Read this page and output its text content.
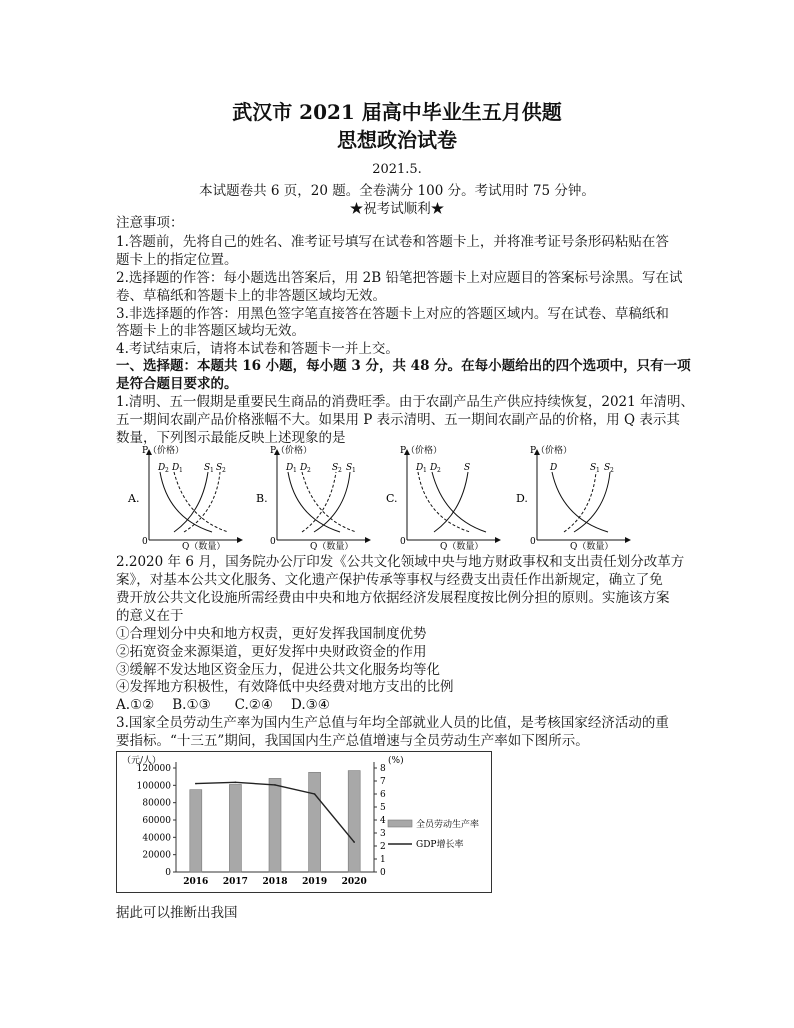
武汉市 2021 届高中毕业生五月供题
思想政治试卷
2021.5.
本试题卷共 6 页，20 题。全卷满分 100 分。考试用时 75 分钟。
★祝考试顺利★
注意事项：
1.答题前，先将自己的姓名、准考证号填写在试卷和答题卡上，并将准考证号条形码粘贴在答
题卡上的指定位置。
2.选择题的作答：每小题选出答案后，用 2B 铅笔把答题卡上对应题目的答案标号涂黑。写在试
卷、草稿纸和答题卡上的非答题区域均无效。
3.非选择题的作答：用黑色签字笔直接答在答题卡上对应的答题区域内。写在试卷、草稿纸和
答题卡上的非答题区域均无效。
4.考试结束后，请将本试卷和答题卡一并上交。
一、选择题：本题共 16 小题，每小题 3 分，共 48 分。在每小题给出的四个选项中，只有一项
是符合题目要求的。
1.清明、五一假期是重要民生商品的消费旺季。由于农副产品生产供应持续恢复，2021 年清明、
五一期间农副产品价格涨幅不大。如果用 P 表示清明、五一期间农副产品的价格，用 Q 表示其
数量，下列图示最能反映上述现象的是
A.
P（价格）
Q（数量）
0
D 2 D 1 S 1 S 2
B.
P（价格）
Q（数量）
0
D 1 D 2 S 2 S 1
C.
P（价格）
Q（数量）
0
D 1 D 2	S
D.
P（价格）
Q（数量）
0
D	S 1 S 2
2.2020 年 6 月，国务院办公厅印发《公共文化领域中央与地方财政事权和支出责任划分改革方
案》，对基本公共文化服务、文化遗产保护传承等事权与经费支出责任作出新规定，确立了免
费开放公共文化设施所需经费由中央和地方依据经济发展程度按比例分担的原则。实施该方案
的意义在于
①合理划分中央和地方权责，更好发挥我国制度优势
②拓宽资金来源渠道，更好发挥中央财政资金的作用
③缓解不发达地区资金压力，促进公共文化服务均等化
④发挥地方积极性，有效降低中央经费对地方支出的比例
A.①② B.①③ C.②④ D.③④
3.国家全员劳动生产率为国内生产总值与年均全部就业人员的比值，是考核国家经济活动的重
要指标。“十三五”期间，我国国内生产总值增速与全员劳动生产率如下图所示。
（元/人）	(%)
0
20000
40000
60000
80000
100000
120000
0
1
2
3
4
5
6
7
8
2016 2017 2018 2019 2020
全员劳动生产率
GDP增长率
据此可以推断出我国
